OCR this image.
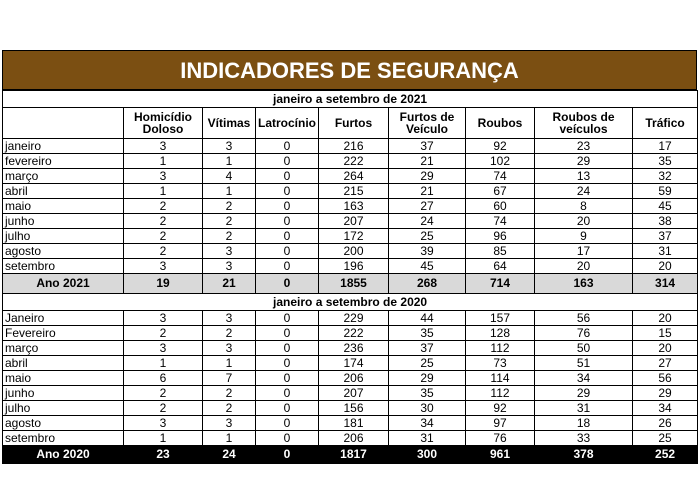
INDICADORES DE SEGURANÇA
janeiro a setembro de 2021								
	Homicídio Doloso	Vítimas	Latrocínio	Furtos	Furtos de Veículo	Roubos	Roubos de veículos	Tráfico
janeiro	3	3	0	216	37	92	23	17
fevereiro	1	1	0	222	21	102	29	35
março	3	4	0	264	29	74	13	32
abril	1	1	0	215	21	67	24	59
maio	2	2	0	163	27	60	8	45
junho	2	2	0	207	24	74	20	38
julho	2	2	0	172	25	96	9	37
agosto	2	3	0	200	39	85	17	31
setembro	3	3	0	196	45	64	20	20
Ano 2021	19	21	0	1855	268	714	163	314
janeiro a setembro de 2020								
Janeiro	3	3	0	229	44	157	56	20
Fevereiro	2	2	0	222	35	128	76	15
março	3	3	0	236	37	112	50	20
abril	1	1	0	174	25	73	51	27
maio	6	7	0	206	29	114	34	56
junho	2	2	0	207	35	112	29	29
julho	2	2	0	156	30	92	31	34
agosto	3	3	0	181	34	97	18	26
setembro	1	1	0	206	31	76	33	25
Ano 2020	23	24	0	1817	300	961	378	252
